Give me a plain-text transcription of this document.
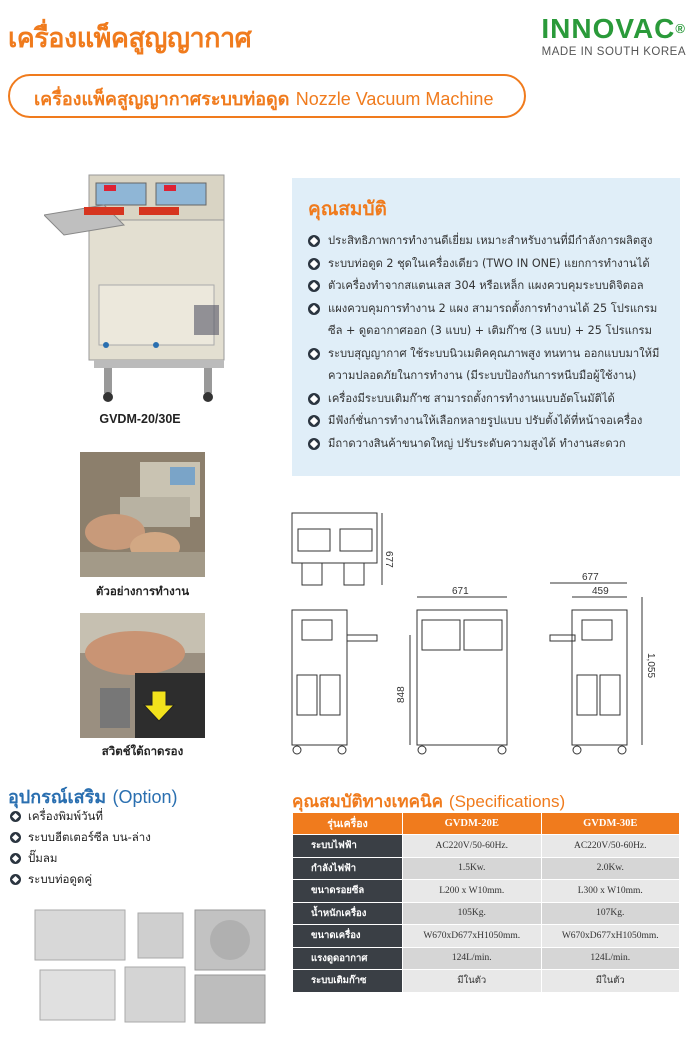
เครื่องแพ็คสูญญากาศ	INNOVAC®
MADE IN SOUTH KOREA
เครื่องแพ็คสูญญากาศระบบท่อดูด Nozzle Vacuum Machine
GVDM-20/30E
คุณสมบัติ
ประสิทธิภาพการทำงานดีเยี่ยม เหมาะสำหรับงานที่มีกำลังการผลิตสูง
ระบบท่อดูด 2 ชุดในเครื่องเดียว (TWO IN ONE) แยกการทำงานได้
ตัวเครื่องทำจากสแตนเลส 304 หรือเหล็ก แผงควบคุมระบบดิจิตอล
แผงควบคุมการทำงาน 2 แผง สามารถตั้งการทำงานได้ 25 โปรแกรม ซีล + ดูดอากาศออก (3 แบบ) + เติมก๊าซ (3 แบบ) + 25 โปรแกรม
ระบบสุญญากาศ ใช้ระบบนิวเมติคคุณภาพสูง ทนทาน ออกแบบมาให้มีความปลอดภัยในการทำงาน (มีระบบป้องกันการหนีบมือผู้ใช้งาน)
เครื่องมีระบบเติมก๊าซ สามารถตั้งการทำงานแบบอัตโนมัติได้
มีฟังก์ชั่นการทำงานให้เลือกหลายรูปแบบ ปรับตั้งได้ที่หน้าจอเครื่อง
มีถาดวางสินค้าขนาดใหญ่ ปรับระดับความสูงได้ ทำงานสะดวก
ตัวอย่างการทำงาน
สวิตช์ใต้ถาดรอง
677
671
848
677
459
1,055
อุปกรณ์เสริม (Option)
เครื่องพิมพ์วันที่
ระบบฮีตเตอร์ซีล บน-ล่าง
ปั๊มลม
ระบบท่อดูดคู่
คุณสมบัติทางเทคนิค (Specifications)
รุ่นเครื่อง	GVDM-20E	GVDM-30E
ระบบไฟฟ้า	AC220V/50-60Hz.	AC220V/50-60Hz.
กำลังไฟฟ้า	1.5Kw.	2.0Kw.
ขนาดรอยซีล	L200 x W10mm.	L300 x W10mm.
น้ำหนักเครื่อง	105Kg.	107Kg.
ขนาดเครื่อง	W670xD677xH1050mm.	W670xD677xH1050mm.
แรงดูดอากาศ	124L/min.	124L/min.
ระบบเติมก๊าซ	มีในตัว	มีในตัว
